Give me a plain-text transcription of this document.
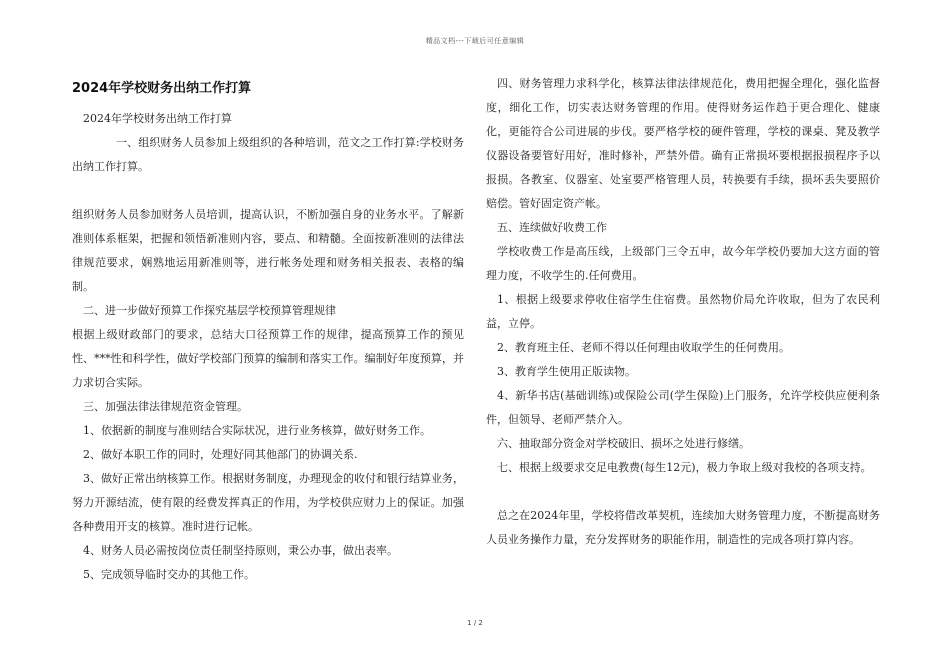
精品文档---下载后可任意编辑
2024年学校财务出纳工作打算

2024年学校财务出纳工作打算

一、组织财务人员参加上级组织的各种培训，范文之工作打算:学校财务出纳工作打算。

组织财务人员参加财务人员培训，提高认识，不断加强自身的业务水平。了解新准则体系框架，把握和领悟新准则内容，要点、和精髓。全面按新准则的法律法律规范要求，娴熟地运用新准则等，进行帐务处理和财务相关报表、表格的编制。

二、进一步做好预算工作探究基层学校预算管理规律

根据上级财政部门的要求，总结大口径预算工作的规律，提高预算工作的预见性、***性和科学性，做好学校部门预算的编制和落实工作。编制好年度预算，并力求切合实际。

三、加强法律法律规范资金管理。

1、依据新的制度与准则结合实际状况，进行业务核算，做好财务工作。

2、做好本职工作的同时，处理好同其他部门的协调关系.

3、做好正常出纳核算工作。根据财务制度，办理现金的收付和银行结算业务，努力开源结流，使有限的经费发挥真正的作用，为学校供应财力上的保证。加强各种费用开支的核算。准时进行记帐。

4、财务人员必需按岗位责任制坚持原则，秉公办事，做出表率。

5、完成领导临时交办的其他工作。

四、财务管理力求科学化，核算法律法律规范化，费用把握全理化，强化监督度，细化工作，切实表达财务管理的作用。使得财务运作趋于更合理化、健康化，更能符合公司进展的步伐。要严格学校的硬件管理，学校的课桌、凳及教学仪器设备要管好用好，准时修补，严禁外借。确有正常损坏要根据报损程序予以报损。各教室、仪器室、处室要严格管理人员，转换要有手续，损坏丢失要照价赔偿。管好固定资产帐。

五、连续做好收费工作

学校收费工作是高压线，上级部门三令五申，故今年学校仍要加大这方面的管理力度，不收学生的.任何费用。

1、根据上级要求停收住宿学生住宿费。虽然物价局允许收取，但为了农民利益，立停。

2、教育班主任、老师不得以任何理由收取学生的任何费用。

3、教育学生使用正版读物。

4、新华书店(基础训练)或保险公司(学生保险)上门服务，允许学校供应便利条件，但领导、老师严禁介入。

六、抽取部分资金对学校破旧、损坏之处进行修缮。

七、根据上级要求交足电教费(每生12元)，极力争取上级对我校的各项支持。

总之在2024年里，学校将借改革契机，连续加大财务管理力度，不断提高财务人员业务操作力量，充分发挥财务的职能作用，制造性的完成各项打算内容。

1 / 2
